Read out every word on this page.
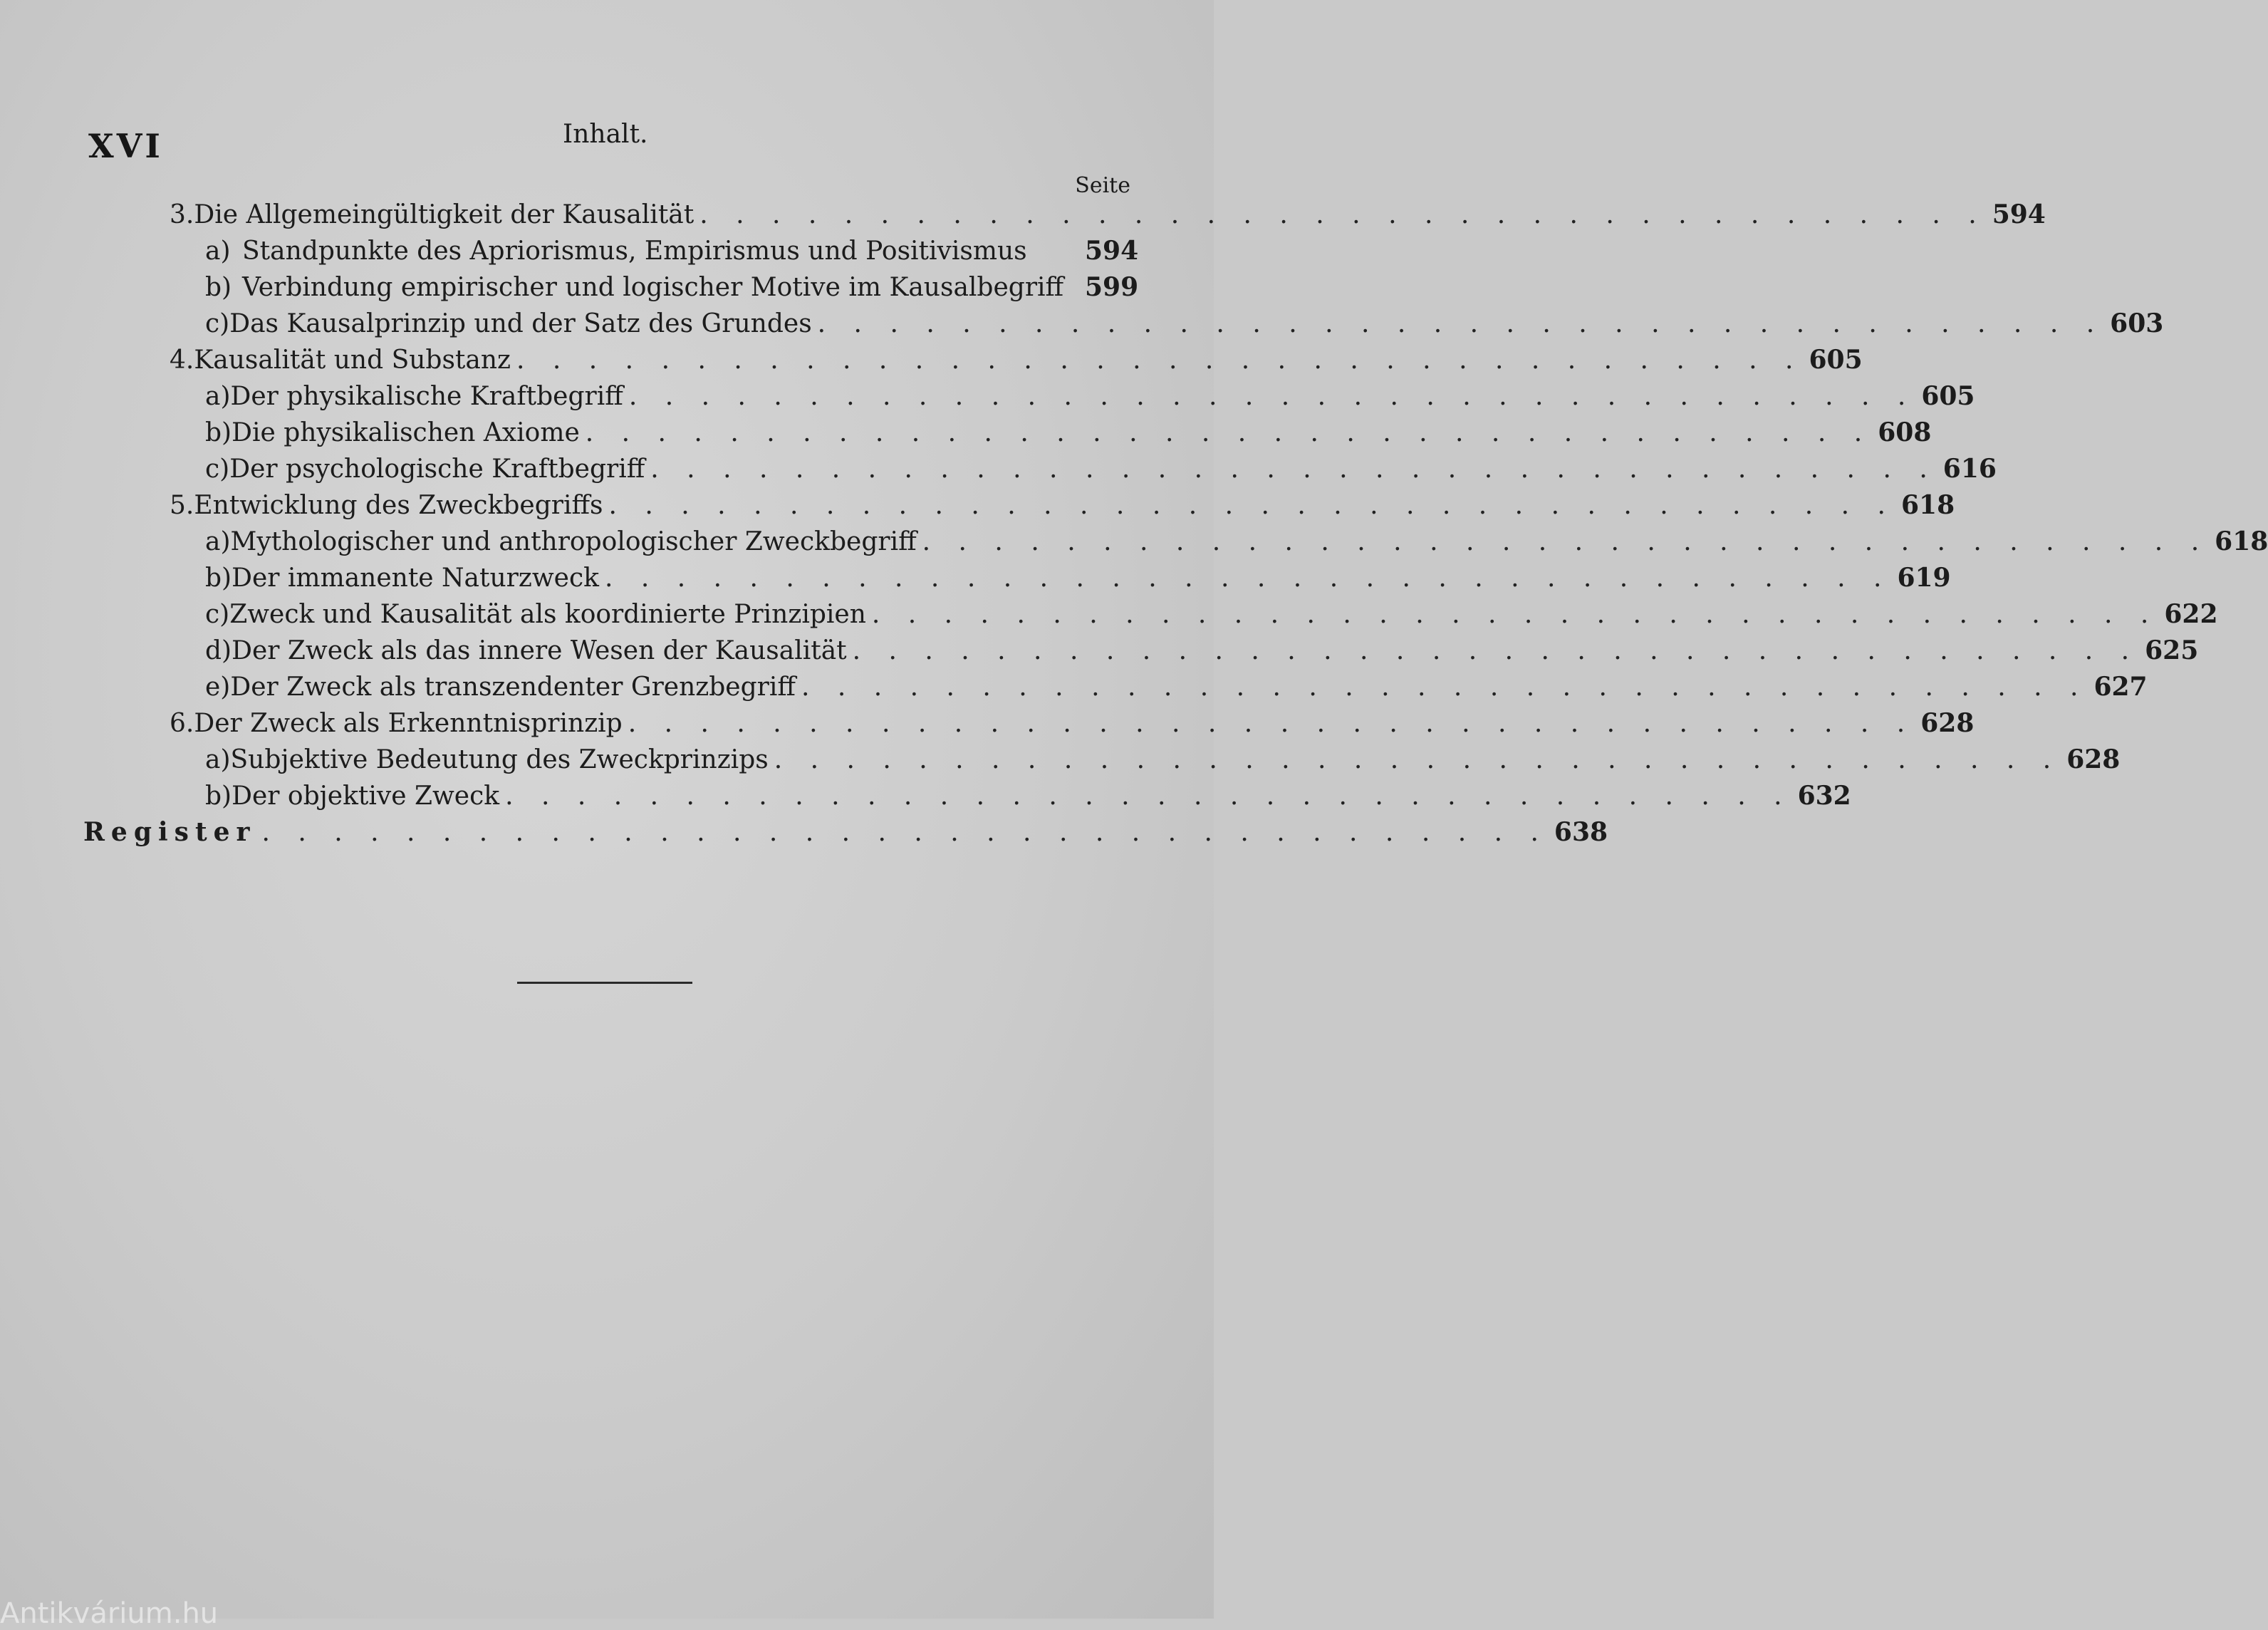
XVI	Inhalt.
Seite
3. Die Allgemeingültigkeit der Kausalität . . . . . . . . . . . . . . . . . . . . . . . . . . . . . . . . . . . . 594
a) Standpunkte des Apriorismus, Empirismus und Positivismus 594
b) Verbindung empirischer und logischer Motive im Kausalbegriff 599
c) Das Kausalprinzip und der Satz des Grundes . . . . . . . . . . . . . . . . . . . . . . . . . . . . . . . . . . . . 603
4. Kausalität und Substanz . . . . . . . . . . . . . . . . . . . . . . . . . . . . . . . . . . . . 605
a) Der physikalische Kraftbegriff . . . . . . . . . . . . . . . . . . . . . . . . . . . . . . . . . . . . 605
b) Die physikalischen Axiome . . . . . . . . . . . . . . . . . . . . . . . . . . . . . . . . . . . . 608
c) Der psychologische Kraftbegriff . . . . . . . . . . . . . . . . . . . . . . . . . . . . . . . . . . . . 616
5. Entwicklung des Zweckbegriffs . . . . . . . . . . . . . . . . . . . . . . . . . . . . . . . . . . . . 618
a) Mythologischer und anthropologischer Zweckbegriff . . . . . . . . . . . . . . . . . . . . . . . . . . . . . . . . . . . . 618
b) Der immanente Naturzweck . . . . . . . . . . . . . . . . . . . . . . . . . . . . . . . . . . . . 619
c) Zweck und Kausalität als koordinierte Prinzipien . . . . . . . . . . . . . . . . . . . . . . . . . . . . . . . . . . . . 622
d) Der Zweck als das innere Wesen der Kausalität . . . . . . . . . . . . . . . . . . . . . . . . . . . . . . . . . . . . 625
e) Der Zweck als transzendenter Grenzbegriff . . . . . . . . . . . . . . . . . . . . . . . . . . . . . . . . . . . . 627
6. Der Zweck als Erkenntnisprinzip . . . . . . . . . . . . . . . . . . . . . . . . . . . . . . . . . . . . 628
a) Subjektive Bedeutung des Zweckprinzips . . . . . . . . . . . . . . . . . . . . . . . . . . . . . . . . . . . . 628
b) Der objektive Zweck . . . . . . . . . . . . . . . . . . . . . . . . . . . . . . . . . . . . 632
Register . . . . . . . . . . . . . . . . . . . . . . . . . . . . . . . . . . . . 638
Antikvárium.hu
